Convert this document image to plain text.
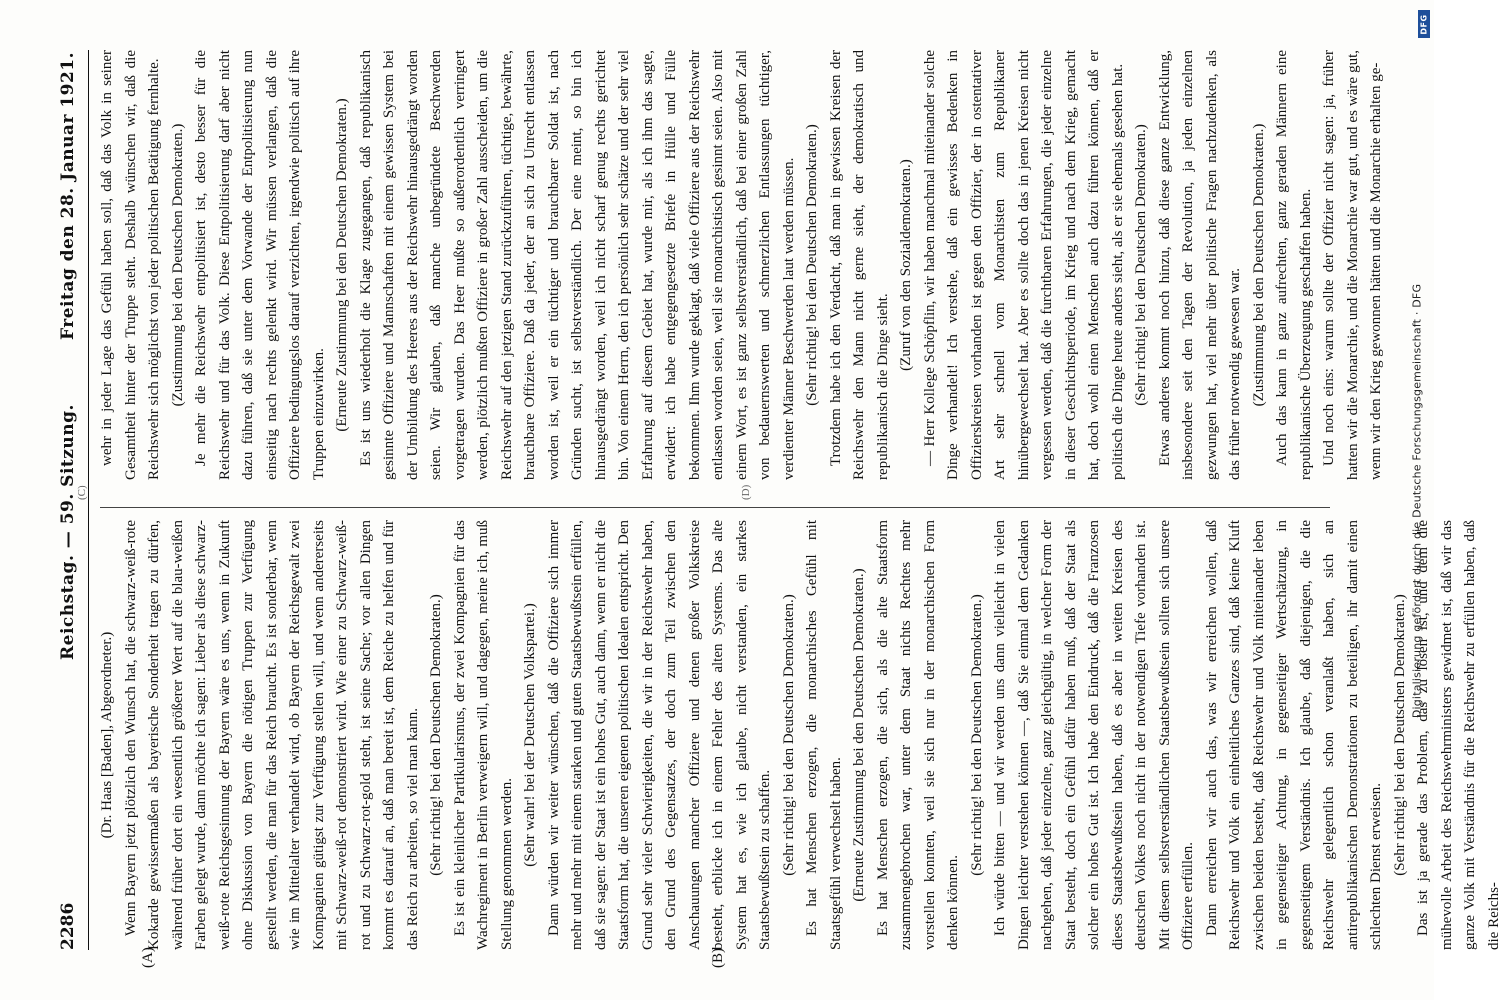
2286
Reichstag. — 59. Sitzung.
Freitag den 28. Januar 1921.
(A)	(B)
(C)	(D)

(Dr. Haas [Baden], Abgeordneter.) Wenn Bayern jetzt plötzlich den Wunsch hat, die schwarz-weiß-rote Kokarde gewissermaßen als bayerische Sonderheit tragen zu dürfen, während früher dort ein wesentlich größerer Wert auf die blau-weißen Farben gelegt wurde, dann möchte ich sagen: Lieber als diese schwarz-weiß-rote Reichsgesinnung der Bayern wäre es uns, wenn in Zukunft ohne Diskussion von Bayern die nötigen Truppen zur Verfügung gestellt werden, die man für das Reich braucht. Es ist sonderbar, wenn wie im Mittelalter verhandelt wird, ob Bayern der Reichsgewalt zwei Kompagnien gütigst zur Verfügung stellen will, und wenn andererseits mit Schwarz-weiß-rot demonstriert wird. Wie einer zu Schwarz-weiß-rot und zu Schwarz-rot-gold steht, ist seine Sache; vor allen Dingen kommt es darauf an, daß man bereit ist, dem Reiche zu helfen und für das Reich zu arbeiten, so viel man kann. (Sehr richtig! bei den Deutschen Demokraten.) Es ist ein kleinlicher Partikularismus, der zwei Kompagnien für das Wachregiment in Berlin verweigern will, und dagegen, meine ich, muß Stellung genommen werden. (Sehr wahr! bei der Deutschen Volkspartei.) Dann würden wir weiter wünschen, daß die Offiziere sich immer mehr und mehr mit einem starken und guten Staatsbewußtsein erfüllen, daß sie sagen: der Staat ist ein hohes Gut, auch dann, wenn er nicht die Staatsform hat, die unseren eigenen politischen Idealen entspricht. Den Grund sehr vieler Schwierigkeiten, die wir in der Reichswehr haben, den Grund des Gegensatzes, der doch zum Teil zwischen den Anschauungen mancher Offiziere und denen großer Volkskreise besteht, erblicke ich in einem Fehler des alten Systems. Das alte System hat es, wie ich glaube, nicht verstanden, ein starkes Staatsbewußtsein zu schaffen. (Sehr richtig! bei den Deutschen Demokraten.) Es hat Menschen erzogen, die monarchisches Gefühl mit Staatsgefühl verwechselt haben. (Erneute Zustimmung bei den Deutschen Demokraten.) Es hat Menschen erzogen, die sich, als die alte Staatsform zusammengebrochen war, unter dem Staat nichts Rechtes mehr vorstellen konnten, weil sie sich nur in der monarchischen Form denken können.

(Sehr richtig! bei den Deutschen Demokraten.) Ich würde bitten — und wir werden uns dann vielleicht in vielen Dingen leichter verstehen können —, daß Sie einmal dem Gedanken nachgehen, daß jeder einzelne, ganz gleichgültig, in welcher Form der Staat besteht, doch ein Gefühl dafür haben muß, daß der Staat als solcher ein hohes Gut ist. Ich habe den Eindruck, daß die Franzosen dieses Staatsbewußtsein haben, daß es aber in weiten Kreisen des deutschen Volkes noch nicht in der notwendigen Tiefe vorhanden ist. Mit diesem selbstverständlichen Staatsbewußtsein sollten sich unsere Offiziere erfüllen. Dann erreichen wir auch das, was wir erreichen wollen, daß Reichswehr und Volk ein einheitliches Ganzes sind, daß keine Kluft zwischen beiden besteht, daß Reichswehr und Volk miteinander leben in gegenseitiger Achtung, in gegenseitiger Wertschätzung, in gegenseitigem Verständnis. Ich glaube, daß diejenigen, die die Reichswehr gelegentlich schon veranlaßt haben, sich an antirepublikanischen Demonstrationen zu beteiligen, ihr damit einen schlechten Dienst erweisen. (Sehr richtig! bei den Deutschen Demokraten.) Das ist ja gerade das Problem, das zu lösen ist, und dem die mühevolle Arbeit des Reichswehrministers gewidmet ist, daß wir das ganze Volk mit Verständnis für die Reichswehr zu erfüllen haben, daß die Reichs-

wehr in jeder Lage das Gefühl haben soll, daß das Volk in seiner Gesamtheit hinter der Truppe steht. Deshalb wünschen wir, daß die Reichswehr sich möglichst von jeder politischen Betätigung fernhalte. (Zustimmung bei den Deutschen Demokraten.) Je mehr die Reichswehr entpolitisiert ist, desto besser für die Reichswehr und für das Volk. Diese Entpolitisierung darf aber nicht dazu führen, daß sie unter dem Vorwande der Entpolitisierung nun einseitig nach rechts gelenkt wird. Wir müssen verlangen, daß die Offiziere bedingungslos darauf verzichten, irgendwie politisch auf ihre Truppen einzuwirken. (Erneute Zustimmung bei den Deutschen Demokraten.) Es ist uns wiederholt die Klage zugegangen, daß republikanisch gesinnte Offiziere und Mannschaften mit einem gewissen System bei der Umbildung des Heeres aus der Reichswehr hinausgedrängt worden seien. Wir glauben, daß manche unbegründete Beschwerden vorgetragen wurden. Das Heer mußte so außerordentlich verringert werden, plötzlich mußten Offiziere in großer Zahl ausscheiden, um die Reichswehr auf den jetzigen Stand zurückzuführen, tüchtige, bewährte, brauchbare Offiziere. Daß da jeder, der an sich zu Unrecht entlassen worden ist, weil er ein tüchtiger und brauchbarer Soldat ist, nach Gründen sucht, ist selbstverständlich. Der eine meint, so bin ich hinausgedrängt worden, weil ich nicht scharf genug rechts gerichtet bin. Von einem Herrn, den ich persönlich sehr schätze und der sehr viel Erfahrung auf diesem Gebiet hat, wurde mir, als ich ihm das sagte, erwidert: ich habe entgegengesetzte Briefe in Hülle und Fülle bekommen. Ihm wurde geklagt, daß viele Offiziere aus der Reichswehr entlassen worden seien, weil sie monarchistisch gesinnt seien. Also mit einem Wort, es ist ganz selbstverständlich, daß bei einer großen Zahl von bedauernswerten und schmerzlichen Entlassungen tüchtiger, verdienter Männer Beschwerden laut werden müssen. (Sehr richtig! bei den Deutschen Demokraten.) Trotzdem habe ich den Verdacht, daß man in gewissen Kreisen der Reichswehr den Mann nicht gerne sieht, der demokratisch und republikanisch die Dinge sieht.

(Zuruf von den Sozialdemokraten.) — Herr Kollege Schöpflin, wir haben manchmal miteinander solche Dinge verhandelt! Ich verstehe, daß ein gewisses Bedenken in Offizierskreisen vorhanden ist gegen den Offizier, der in ostentativer Art sehr schnell vom Monarchisten zum Republikaner hinübergewechselt hat. Aber es sollte doch das in jenen Kreisen nicht vergessen werden, daß die furchtbaren Erfahrungen, die jeder einzelne in dieser Geschichtsperiode, im Krieg und nach dem Krieg, gemacht hat, doch wohl einen Menschen auch dazu führen können, daß er politisch die Dinge heute anders sieht, als er sie ehemals gesehen hat. (Sehr richtig! bei den Deutschen Demokraten.) Etwas anderes kommt noch hinzu, daß diese ganze Entwicklung, insbesondere seit den Tagen der Revolution, ja jeden einzelnen gezwungen hat, viel mehr über politische Fragen nachzudenken, als das früher notwendig gewesen war. (Zustimmung bei den Deutschen Demokraten.) Auch das kann in ganz aufrechten, ganz geraden Männern eine republikanische Überzeugung geschaffen haben. Und noch eins: warum sollte der Offizier nicht sagen: ja, früher hatten wir die Monarchie, und die Monarchie war gut, und es wäre gut, wenn wir den Krieg gewonnen hätten und die Monarchie erhalten ge-

Digitalisierung gefördert durch die Deutsche Forschungsgemeinschaft · DFG
DFG
